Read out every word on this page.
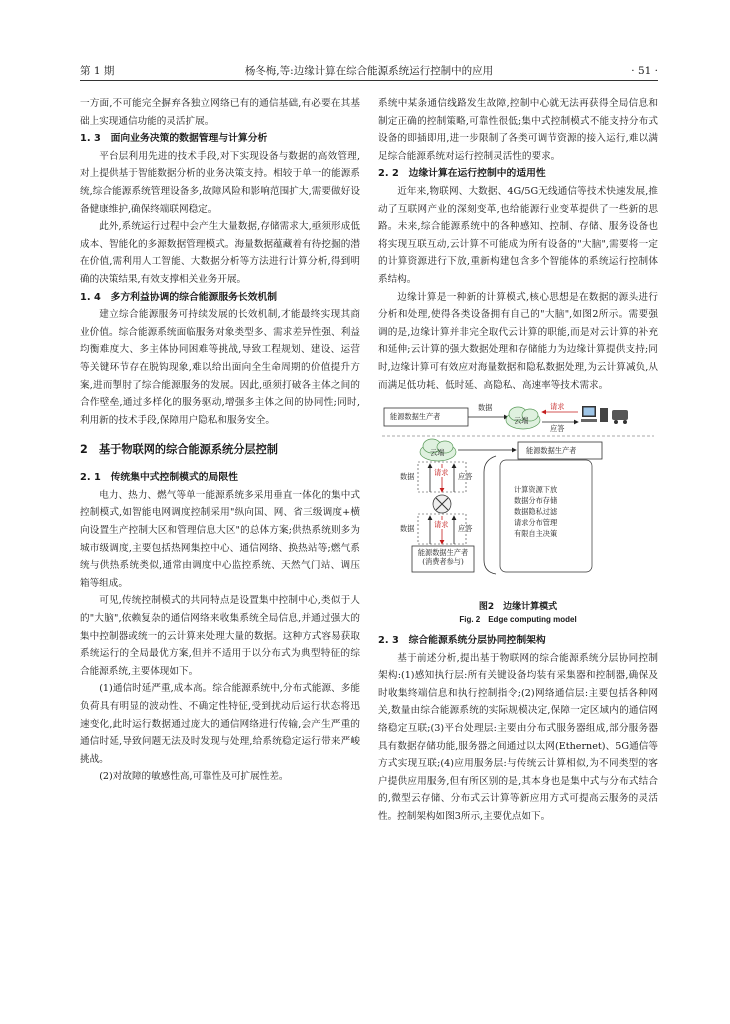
第 1 期	杨冬梅,等:边缘计算在综合能源系统运行控制中的应用	· 51 ·

一方面,不可能完全摒弃各独立网络已有的通信基础,有必要在其基础上实现通信功能的灵活扩展。

1. 3　面向业务决策的数据管理与计算分析

平台层利用先进的技术手段,对下实现设备与数据的高效管理,对上提供基于智能数据分析的业务决策支持。相较于单一的能源系统,综合能源系统管理设备多,故障风险和影响范围扩大,需要做好设备健康维护,确保终端联网稳定。

此外,系统运行过程中会产生大量数据,存储需求大,亟须形成低成本、智能化的多源数据管理模式。海量数据蕴藏着有待挖掘的潜在价值,需利用人工智能、大数据分析等方法进行计算分析,得到明确的决策结果,有效支撑相关业务开展。

1. 4　多方利益协调的综合能源服务长效机制

建立综合能源服务可持续发展的长效机制,才能最终实现其商业价值。综合能源系统面临服务对象类型多、需求差异性强、利益均衡难度大、多主体协同困难等挑战,导致工程规划、建设、运营等关键环节存在脱钩现象,难以给出面向全生命周期的价值提升方案,进而掣肘了综合能源服务的发展。因此,亟须打破各主体之间的合作壁垒,通过多样化的服务驱动,增强多主体之间的协同性;同时,利用新的技术手段,保障用户隐私和服务安全。

2　基于物联网的综合能源系统分层控制
2. 1　传统集中式控制模式的局限性

电力、热力、燃气等单一能源系统多采用垂直一体化的集中式控制模式,如智能电网调度控制采用"纵向国、网、省三级调度+横向设置生产控制大区和管理信息大区"的总体方案;供热系统则多为城市级调度,主要包括热网集控中心、通信网络、换热站等;燃气系统与供热系统类似,通常由调度中心监控系统、天然气门站、调压箱等组成。

可见,传统控制模式的共同特点是设置集中控制中心,类似于人的"大脑",依赖复杂的通信网络来收集系统全局信息,并通过强大的集中控制器或统一的云计算来处理大量的数据。这种方式容易获取系统运行的全局最优方案,但并不适用于以分布式为典型特征的综合能源系统,主要体现如下。

(1)通信时延严重,成本高。综合能源系统中,分布式能源、多能负荷具有明显的波动性、不确定性特征,受到扰动后运行状态将迅速变化,此时运行数据通过庞大的通信网络进行传输,会产生严重的通信时延,导致问题无法及时发现与处理,给系统稳定运行带来严峻挑战。

(2)对故障的敏感性高,可靠性及可扩展性差。

系统中某条通信线路发生故障,控制中心就无法再获得全局信息和制定正确的控制策略,可靠性很低;集中式控制模式不能支持分布式设备的即插即用,进一步限制了各类可调节资源的接入运行,难以满足综合能源系统对运行控制灵活性的要求。

2. 2　边缘计算在运行控制中的适用性

近年来,物联网、大数据、4G/5G无线通信等技术快速发展,推动了互联网产业的深刻变革,也给能源行业变革提供了一些新的思路。未来,综合能源系统中的各种感知、控制、存储、服务设备也将实现互联互动,云计算不可能成为所有设备的"大脑",需要将一定的计算资源进行下放,重新构建包含多个智能体的系统运行控制体系结构。

边缘计算是一种新的计算模式,核心思想是在数据的源头进行分析和处理,使得各类设备拥有自己的"大脑",如图2所示。需要强调的是,边缘计算并非完全取代云计算的职能,而是对云计算的补充和延伸;云计算的强大数据处理和存储能力为边缘计算提供支持;同时,边缘计算可有效应对海量数据和隐私数据处理,为云计算减负,从而满足低功耗、低时延、高隐私、高速率等技术需求。

能源数据生产者
数据
云端
请求
应答
云端	能源数据生产者
数据	请求 应答
数据	请求 应答
能源数据生产者
(消费者参与)
计算资源下放
数据分布存储
数据隐私过滤
请求分布管理
有限自主决策
图2　边缘计算模式
Fig. 2　Edge computing model
2. 3　综合能源系统分层协同控制架构

基于前述分析,提出基于物联网的综合能源系统分层协同控制架构:(1)感知执行层:所有关键设备均装有采集器和控制器,确保及时收集终端信息和执行控制指令;(2)网络通信层:主要包括各种网关,数量由综合能源系统的实际规模决定,保障一定区域内的通信网络稳定互联;(3)平台处理层:主要由分布式服务器组成,部分服务器具有数据存储功能,服务器之间通过以太网(Ethernet)、5G通信等方式实现互联;(4)应用服务层:与传统云计算相似,为不同类型的客户提供应用服务,但有所区别的是,其本身也是集中式与分布式结合的,微型云存储、分布式云计算等新应用方式可提高云服务的灵活性。控制架构如图3所示,主要优点如下。
